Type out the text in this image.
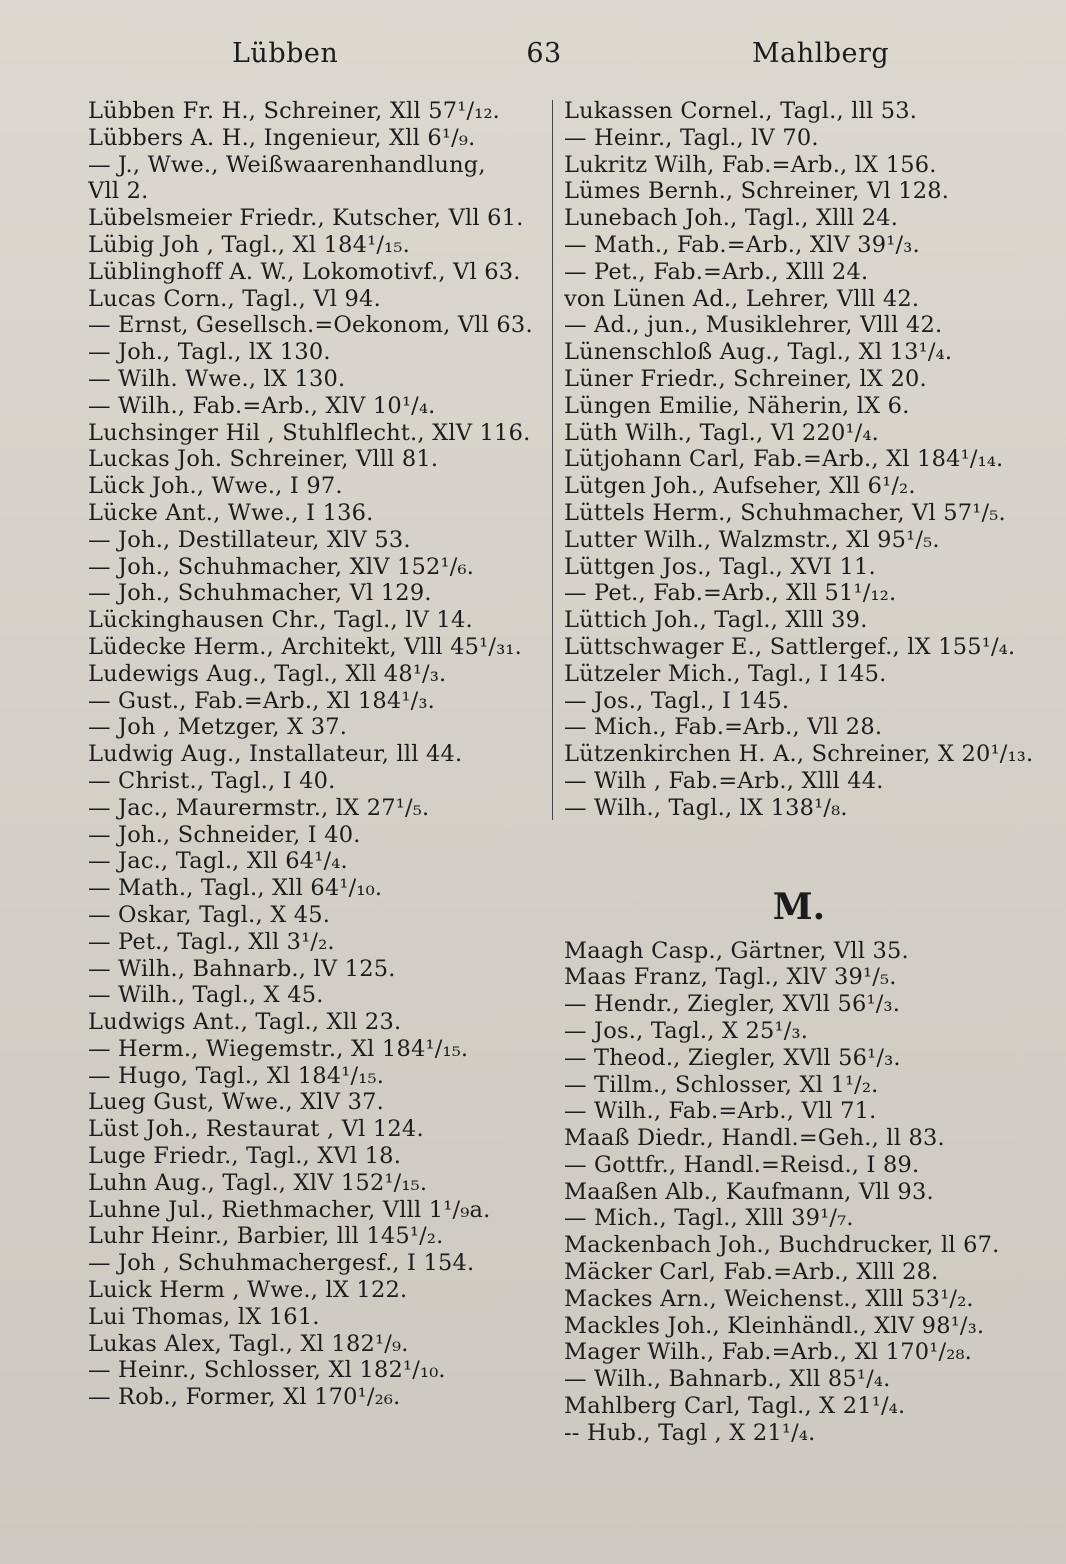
Lübben	63	Mahlberg
Lübben Fr. H., Schreiner, Xll 57¹/₁₂.
Lübbers A. H., Ingenieur, Xll 6¹/₉.
— J., Wwe., Weißwaarenhandlung,
Vll 2.
Lübelsmeier Friedr., Kutscher, Vll 61.
Lübig Joh , Tagl., Xl 184¹/₁₅.
Lüblinghoff A. W., Lokomotivf., Vl 63.
Lucas Corn., Tagl., Vl 94.
— Ernst, Gesellsch.=Oekonom, Vll 63.
— Joh., Tagl., lX 130.
— Wilh. Wwe., lX 130.
— Wilh., Fab.=Arb., XlV 10¹/₄.
Luchsinger Hil , Stuhlflecht., XlV 116.
Luckas Joh. Schreiner, Vlll 81.
Lück Joh., Wwe., I 97.
Lücke Ant., Wwe., I 136.
— Joh., Destillateur, XlV 53.
— Joh., Schuhmacher, XlV 152¹/₆.
— Joh., Schuhmacher, Vl 129.
Lückinghausen Chr., Tagl., lV 14.
Lüdecke Herm., Architekt, Vlll 45¹/₃₁.
Ludewigs Aug., Tagl., Xll 48¹/₃.
— Gust., Fab.=Arb., Xl 184¹/₃.
— Joh , Metzger, X 37.
Ludwig Aug., Installateur, lll 44.
— Christ., Tagl., I 40.
— Jac., Maurermstr., lX 27¹/₅.
— Joh., Schneider, I 40.
— Jac., Tagl., Xll 64¹/₄.
— Math., Tagl., Xll 64¹/₁₀.
— Oskar, Tagl., X 45.
— Pet., Tagl., Xll 3¹/₂.
— Wilh., Bahnarb., lV 125.
— Wilh., Tagl., X 45.
Ludwigs Ant., Tagl., Xll 23.
— Herm., Wiegemstr., Xl 184¹/₁₅.
— Hugo, Tagl., Xl 184¹/₁₅.
Lueg Gust, Wwe., XlV 37.
Lüst Joh., Restaurat , Vl 124.
Luge Friedr., Tagl., XVl 18.
Luhn Aug., Tagl., XlV 152¹/₁₅.
Luhne Jul., Riethmacher, Vlll 1¹/₉a.
Luhr Heinr., Barbier, lll 145¹/₂.
— Joh , Schuhmachergesf., I 154.
Luick Herm , Wwe., lX 122.
Lui Thomas, lX 161.
Lukas Alex, Tagl., Xl 182¹/₉.
— Heinr., Schlosser, Xl 182¹/₁₀.
— Rob., Former, Xl 170¹/₂₆.
Lukassen Cornel., Tagl., lll 53.
— Heinr., Tagl., lV 70.
Lukritz Wilh, Fab.=Arb., lX 156.
Lümes Bernh., Schreiner, Vl 128.
Lunebach Joh., Tagl., Xlll 24.
— Math., Fab.=Arb., XlV 39¹/₃.
— Pet., Fab.=Arb., Xlll 24.
von Lünen Ad., Lehrer, Vlll 42.
— Ad., jun., Musiklehrer, Vlll 42.
Lünenschloß Aug., Tagl., Xl 13¹/₄.
Lüner Friedr., Schreiner, lX 20.
Lüngen Emilie, Näherin, lX 6.
Lüth Wilh., Tagl., Vl 220¹/₄.
Lütjohann Carl, Fab.=Arb., Xl 184¹/₁₄.
Lütgen Joh., Aufseher, Xll 6¹/₂.
Lüttels Herm., Schuhmacher, Vl 57¹/₅.
Lutter Wilh., Walzmstr., Xl 95¹/₅.
Lüttgen Jos., Tagl., XVI 11.
— Pet., Fab.=Arb., Xll 51¹/₁₂.
Lüttich Joh., Tagl., Xlll 39.
Lüttschwager E., Sattlergef., lX 155¹/₄.
Lützeler Mich., Tagl., I 145.
— Jos., Tagl., I 145.
— Mich., Fab.=Arb., Vll 28.
Lützenkirchen H. A., Schreiner, X 20¹/₁₃.
— Wilh , Fab.=Arb., Xlll 44.
— Wilh., Tagl., lX 138¹/₈.
M.
Maagh Casp., Gärtner, Vll 35.
Maas Franz, Tagl., XlV 39¹/₅.
— Hendr., Ziegler, XVll 56¹/₃.
— Jos., Tagl., X 25¹/₃.
— Theod., Ziegler, XVll 56¹/₃.
— Tillm., Schlosser, Xl 1¹/₂.
— Wilh., Fab.=Arb., Vll 71.
Maaß Diedr., Handl.=Geh., ll 83.
— Gottfr., Handl.=Reisd., I 89.
Maaßen Alb., Kaufmann, Vll 93.
— Mich., Tagl., Xlll 39¹/₇.
Mackenbach Joh., Buchdrucker, ll 67.
Mäcker Carl, Fab.=Arb., Xlll 28.
Mackes Arn., Weichenst., Xlll 53¹/₂.
Mackles Joh., Kleinhändl., XlV 98¹/₃.
Mager Wilh., Fab.=Arb., Xl 170¹/₂₈.
— Wilh., Bahnarb., Xll 85¹/₄.
Mahlberg Carl, Tagl., X 21¹/₄.
-- Hub., Tagl , X 21¹/₄.
